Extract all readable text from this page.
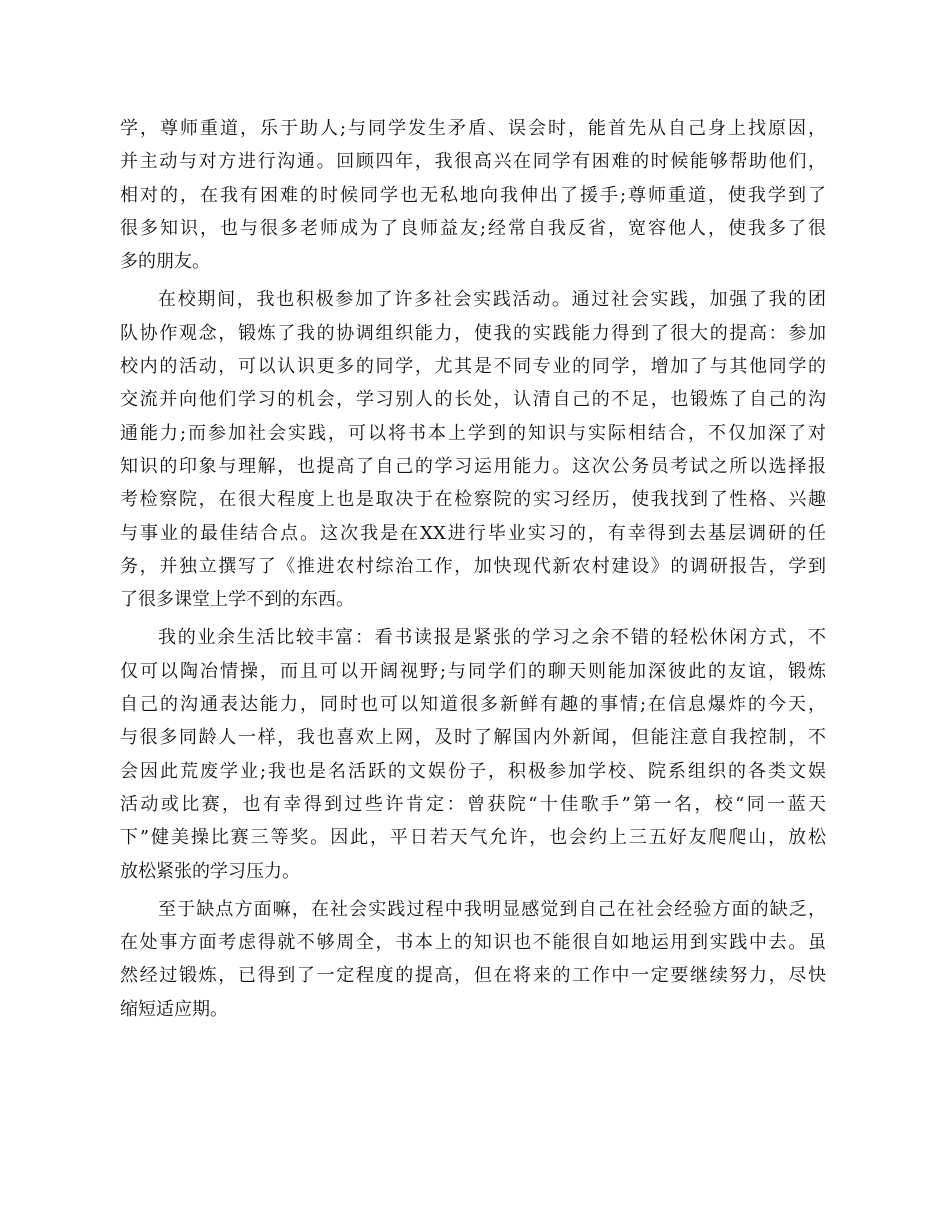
学，尊师重道，乐于助人;与同学发生矛盾、误会时，能首先从自己身上找原因，
并主动与对方进行沟通。回顾四年，我很高兴在同学有困难的时候能够帮助他们，
相对的，在我有困难的时候同学也无私地向我伸出了援手;尊师重道，使我学到了
很多知识，也与很多老师成为了良师益友;经常自我反省，宽容他人，使我多了很
多的朋友。
在校期间，我也积极参加了许多社会实践活动。通过社会实践，加强了我的团
队协作观念，锻炼了我的协调组织能力，使我的实践能力得到了很大的提高：参加
校内的活动，可以认识更多的同学，尤其是不同专业的同学，增加了与其他同学的
交流并向他们学习的机会，学习别人的长处，认清自己的不足，也锻炼了自己的沟
通能力;而参加社会实践，可以将书本上学到的知识与实际相结合，不仅加深了对
知识的印象与理解，也提高了自己的学习运用能力。这次公务员考试之所以选择报
考检察院，在很大程度上也是取决于在检察院的实习经历，使我找到了性格、兴趣
与事业的最佳结合点。这次我是在XX进行毕业实习的，有幸得到去基层调研的任
务，并独立撰写了《推进农村综治工作，加快现代新农村建设》的调研报告，学到
了很多课堂上学不到的东西。
我的业余生活比较丰富：看书读报是紧张的学习之余不错的轻松休闲方式，不
仅可以陶冶情操，而且可以开阔视野;与同学们的聊天则能加深彼此的友谊，锻炼
自己的沟通表达能力，同时也可以知道很多新鲜有趣的事情;在信息爆炸的今天，
与很多同龄人一样，我也喜欢上网，及时了解国内外新闻，但能注意自我控制，不
会因此荒废学业;我也是名活跃的文娱份子，积极参加学校、院系组织的各类文娱
活动或比赛，也有幸得到过些许肯定：曾获院“十佳歌手”第一名，校“同一蓝天
下”健美操比赛三等奖。因此，平日若天气允许，也会约上三五好友爬爬山，放松
放松紧张的学习压力。
至于缺点方面嘛，在社会实践过程中我明显感觉到自己在社会经验方面的缺乏，
在处事方面考虑得就不够周全，书本上的知识也不能很自如地运用到实践中去。虽
然经过锻炼，已得到了一定程度的提高，但在将来的工作中一定要继续努力，尽快
缩短适应期。
